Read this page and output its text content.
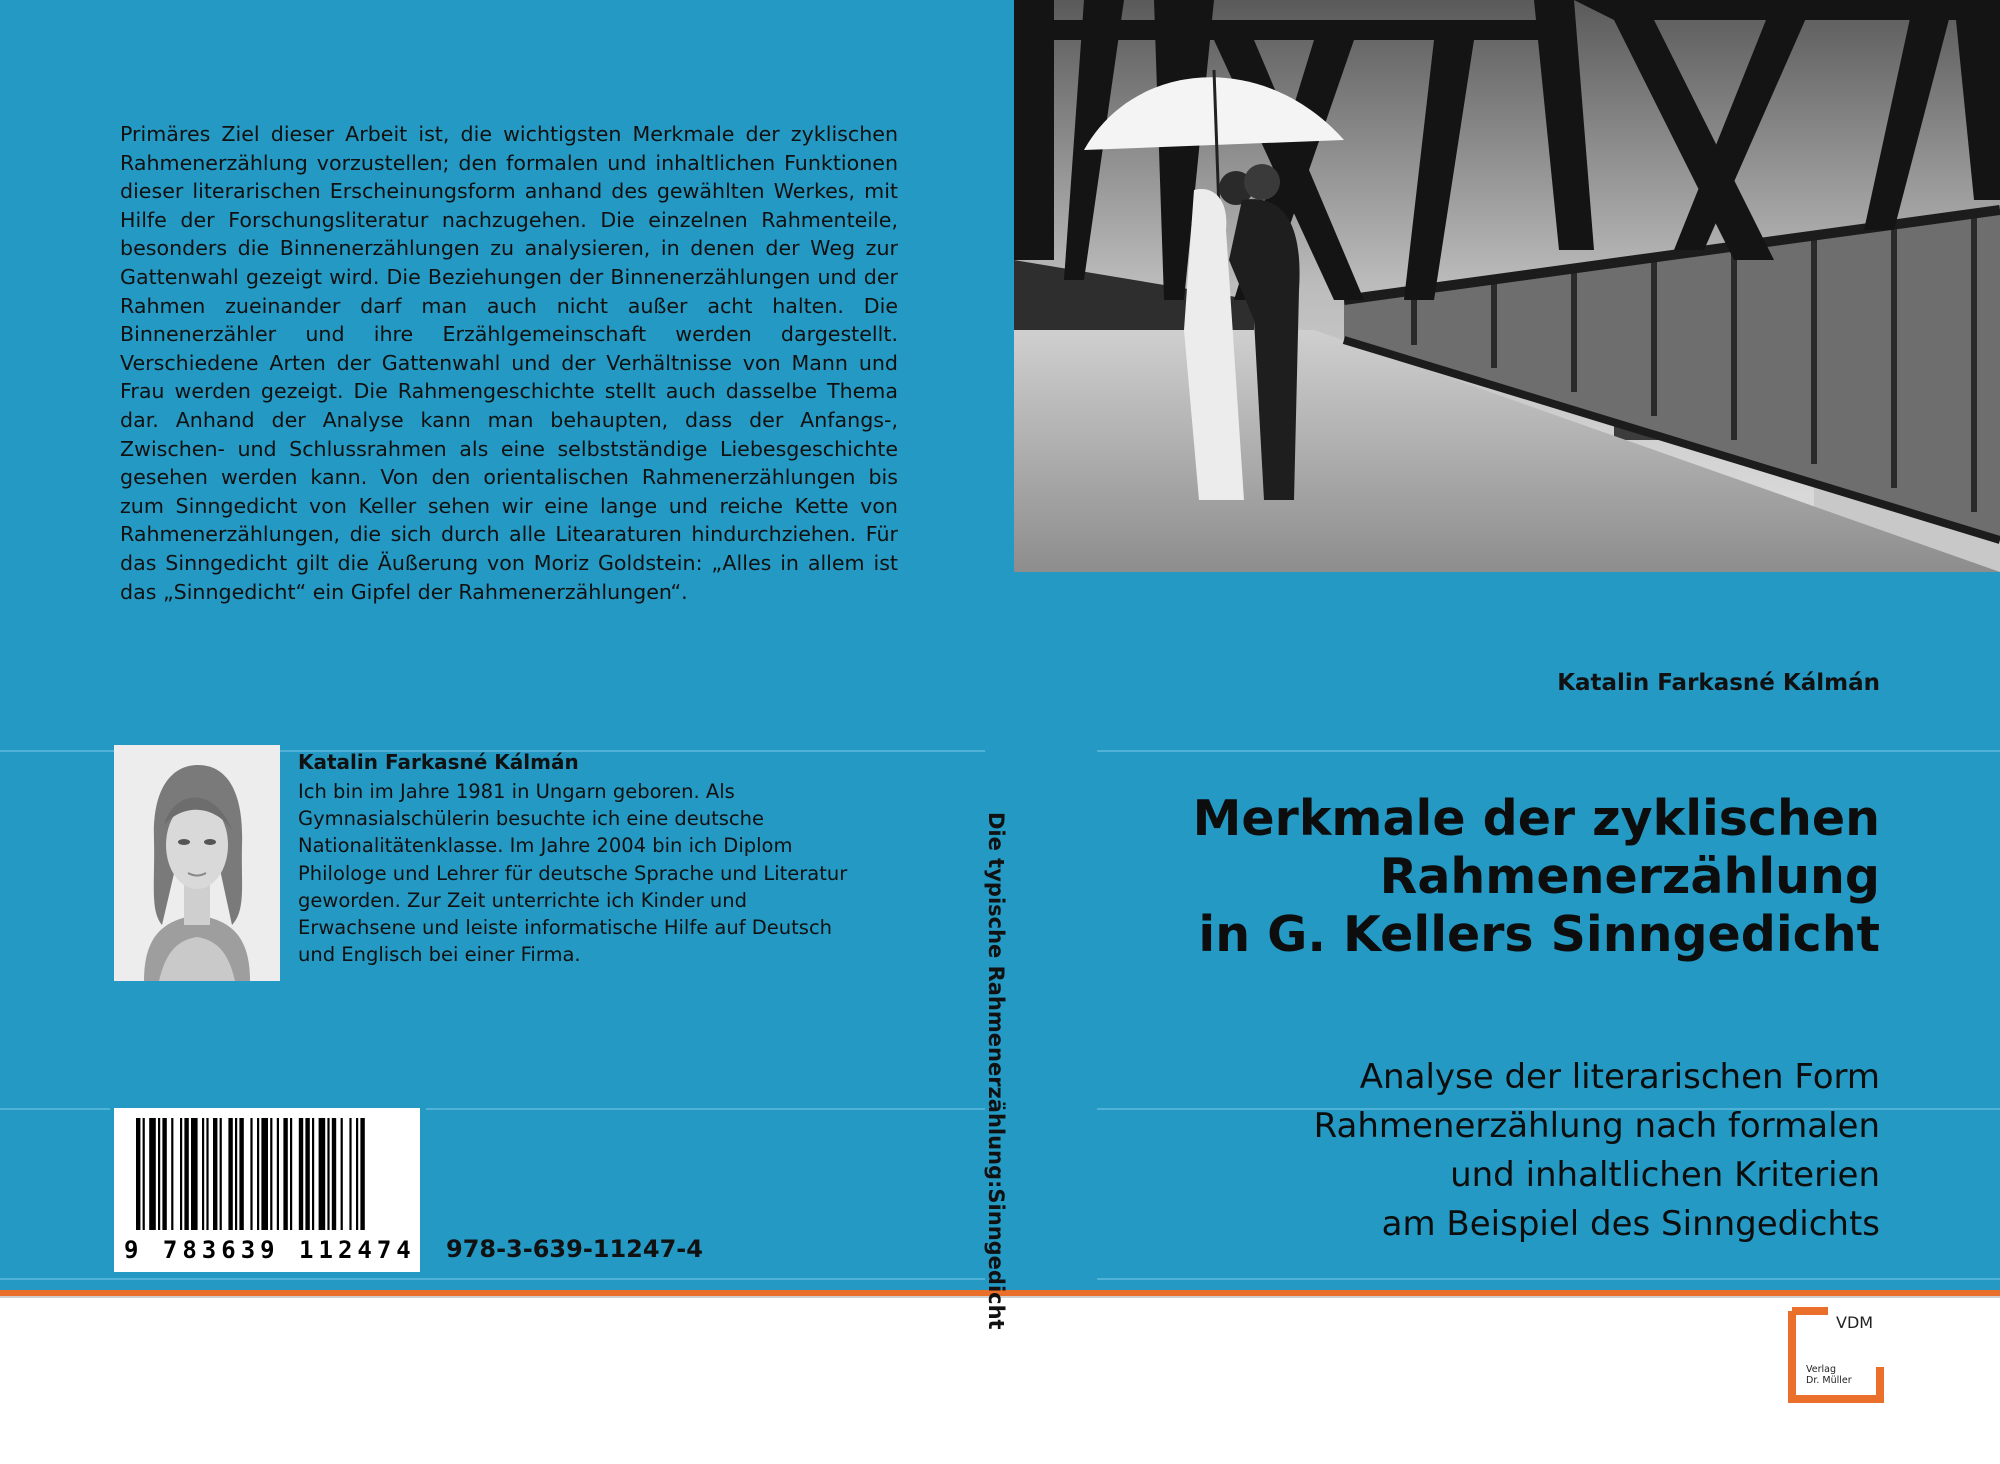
Primäres Ziel dieser Arbeit ist, die wichtigsten Merkmale der zyklischen Rahmenerzählung vorzustellen; den formalen und inhaltlichen Funktionen dieser literarischen Erscheinungsform anhand des gewählten Werkes, mit Hilfe der Forschungsliteratur nachzugehen. Die einzelnen Rahmenteile, besonders die Binnenerzählungen zu analysieren, in denen der Weg zur Gattenwahl gezeigt wird. Die Beziehungen der Binnenerzählungen und der Rahmen zueinander darf man auch nicht außer acht halten. Die Binnenerzähler und ihre Erzählgemeinschaft werden dargestellt. Verschiedene Arten der Gattenwahl und der Verhältnisse von Mann und Frau werden gezeigt. Die Rahmengeschichte stellt auch dasselbe Thema dar. Anhand der Analyse kann man behaupten, dass der Anfangs-, Zwischen- und Schlussrahmen als eine selbstständige Liebesgeschichte gesehen werden kann. Von den orientalischen Rahmenerzählungen bis zum Sinngedicht von Keller sehen wir eine lange und reiche Kette von Rahmenerzählungen, die sich durch alle Litearaturen hindurchziehen. Für das Sinngedicht gilt die Äußerung von Moriz Goldstein: „Alles in allem ist das „Sinngedicht“ ein Gipfel der Rahmenerzählungen“.

Katalin Farkasné Kálmán

Ich bin im Jahre 1981 in Ungarn geboren. Als Gymnasialschülerin besuchte ich eine deutsche Nationalitätenklasse. Im Jahre 2004 bin ich Diplom Philologe und Lehrer für deutsche Sprache und Literatur geworden. Zur Zeit unterrichte ich Kinder und Erwachsene und leiste informatische Hilfe auf Deutsch und Englisch bei einer Firma.

9 783639 112474 978-3-639-11247-4	Die typische Rahmenerzählung:Sinngedicht
Katalin Farkasné Kálmán
Merkmale der zyklischen
Rahmenerzählung
in G. Kellers Sinngedicht
Analyse der literarischen Form
Rahmenerzählung nach formalen
und inhaltlichen Kriterien
am Beispiel des Sinngedichts
VDM
Verlag
Dr. Müller
